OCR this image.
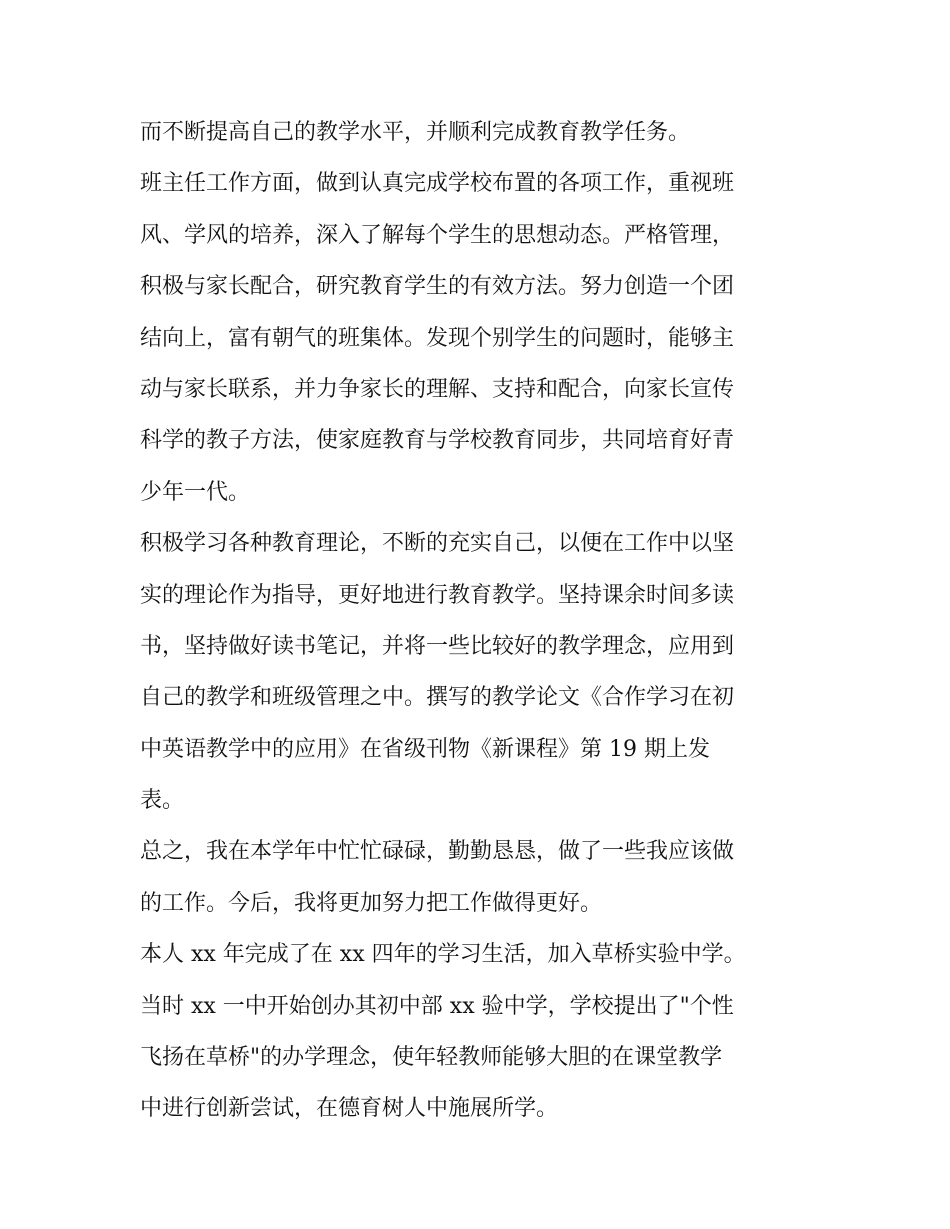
而不断提高自己的教学水平，并顺利完成教育教学任务。
班主任工作方面，做到认真完成学校布置的各项工作，重视班
风、学风的培养，深入了解每个学生的思想动态。严格管理，
积极与家长配合，研究教育学生的有效方法。努力创造一个团
结向上，富有朝气的班集体。发现个别学生的问题时，能够主
动与家长联系，并力争家长的理解、支持和配合，向家长宣传
科学的教子方法，使家庭教育与学校教育同步，共同培育好青
少年一代。
积极学习各种教育理论，不断的充实自己，以便在工作中以坚
实的理论作为指导，更好地进行教育教学。坚持课余时间多读
书，坚持做好读书笔记，并将一些比较好的教学理念，应用到
自己的教学和班级管理之中。撰写的教学论文《合作学习在初
中英语教学中的应用》在省级刊物《新课程》第 19 期上发
表。
总之，我在本学年中忙忙碌碌，勤勤恳恳，做了一些我应该做
的工作。今后，我将更加努力把工作做得更好。
本人 xx 年完成了在 xx 四年的学习生活，加入草桥实验中学。
当时 xx 一中开始创办其初中部 xx 验中学，学校提出了"个性
飞扬在草桥"的办学理念，使年轻教师能够大胆的在课堂教学
中进行创新尝试，在德育树人中施展所学。
